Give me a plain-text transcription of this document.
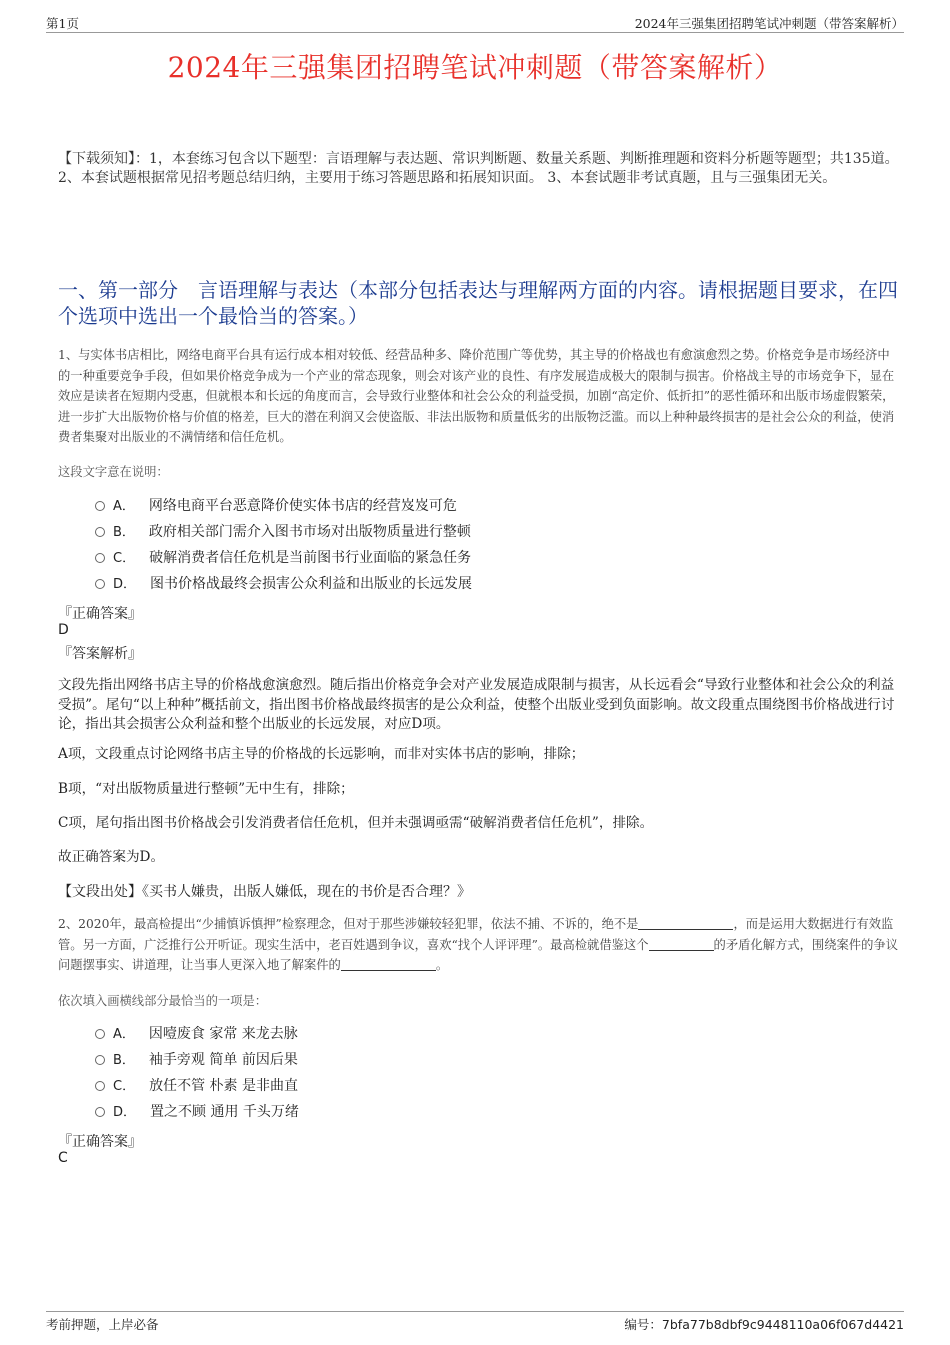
第1页	2024年三强集团招聘笔试冲刺题（带答案解析）
2024年三强集团招聘笔试冲刺题（带答案解析）
【下载须知】：1，本套练习包含以下题型：言语理解与表达题、常识判断题、数量关系题、判断推理题和资料分析题等题型；共135道。 2、本套试题根据常见招考题总结归纳，主要用于练习答题思路和拓展知识面。 3、本套试题非考试真题，且与三强集团无关。
一、第一部分　言语理解与表达（本部分包括表达与理解两方面的内容。请根据题目要求，在四个选项中选出一个最恰当的答案。）
1、与实体书店相比，网络电商平台具有运行成本相对较低、经营品种多、降价范围广等优势，其主导的价格战也有愈演愈烈之势。价格竞争是市场经济中的一种重要竞争手段，但如果价格竞争成为一个产业的常态现象，则会对该产业的良性、有序发展造成极大的限制与损害。价格战主导的市场竞争下，显在效应是读者在短期内受惠，但就根本和长远的角度而言，会导致行业整体和社会公众的利益受损，加剧“高定价、低折扣”的恶性循环和出版市场虚假繁荣，进一步扩大出版物价格与价值的格差，巨大的潜在利润又会使盗版、非法出版物和质量低劣的出版物泛滥。而以上种种最终损害的是社会公众的利益，使消费者集聚对出版业的不满情绪和信任危机。
这段文字意在说明：
A． 网络电商平台恶意降价使实体书店的经营岌岌可危
B． 政府相关部门需介入图书市场对出版物质量进行整顿
C． 破解消费者信任危机是当前图书行业面临的紧急任务
D． 图书价格战最终会损害公众利益和出版业的长远发展
『正确答案』
D
『答案解析』
文段先指出网络书店主导的价格战愈演愈烈。随后指出价格竞争会对产业发展造成限制与损害，从长远看会“导致行业整体和社会公众的利益受损”。尾句“以上种种”概括前文，指出图书价格战最终损害的是公众利益，使整个出版业受到负面影响。故文段重点围绕图书价格战进行讨论，指出其会损害公众利益和整个出版业的长远发展，对应D项。
A项，文段重点讨论网络书店主导的价格战的长远影响，而非对实体书店的影响，排除；
B项，“对出版物质量进行整顿”无中生有，排除；
C项，尾句指出图书价格战会引发消费者信任危机，但并未强调亟需“破解消费者信任危机”，排除。
故正确答案为D。
【文段出处】《买书人嫌贵，出版人嫌低，现在的书价是否合理？》
2、2020年，最高检提出“少捕慎诉慎押”检察理念，但对于那些涉嫌较轻犯罪，依法不捕、不诉的，绝不是	，而是运用大数据进行有效监管。另一方面，广泛推行公开听证。现实生活中，老百姓遇到争议，喜欢“找个人评评理”。最高检就借鉴这个	的矛盾化解方式，围绕案件的争议问题摆事实、讲道理，让当事人更深入地了解案件的	。
依次填入画横线部分最恰当的一项是：
A． 因噎废食 家常 来龙去脉
B． 袖手旁观 简单 前因后果
C． 放任不管 朴素 是非曲直
D． 置之不顾 通用 千头万绪
『正确答案』
C
考前押题，上岸必备	编号：7bfa77b8dbf9c9448110a06f067d4421
